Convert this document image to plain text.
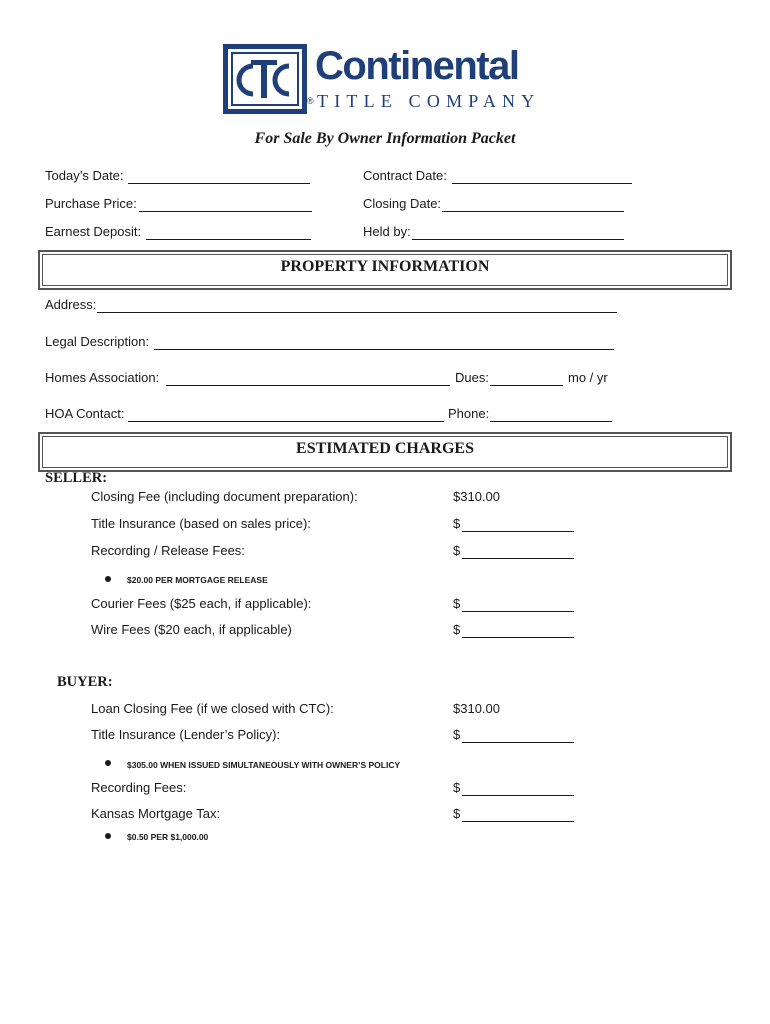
Continental
® TITLE COMPANY
For Sale By Owner Information Packet
Today’s Date:	Contract Date:
Purchase Price:	Closing Date:
Earnest Deposit:	Held by:
PROPERTY INFORMATION
Address:
Legal Description:
Homes Association:	Dues:	mo / yr
HOA Contact:	Phone:
ESTIMATED CHARGES
SELLER:
Closing Fee (including document preparation):	$310.00
Title Insurance (based on sales price):	$
Recording / Release Fees:	$
$20.00 PER MORTGAGE RELEASE
Courier Fees ($25 each, if applicable):	$
Wire Fees ($20 each, if applicable)	$
BUYER:
Loan Closing Fee (if we closed with CTC):	$310.00
Title Insurance (Lender’s Policy):	$
$305.00 WHEN ISSUED SIMULTANEOUSLY WITH OWNER’S POLICY
Recording Fees:	$
Kansas Mortgage Tax:	$
$0.50 PER $1,000.00
